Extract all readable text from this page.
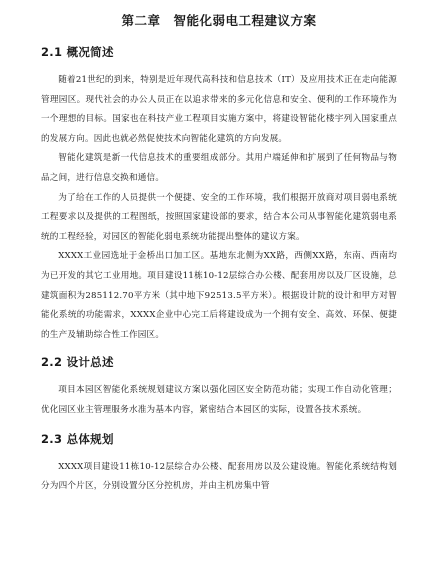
第二章　智能化弱电工程建议方案
2.1 概况简述
随着21世纪的到来，特别是近年现代高科技和信息技术（IT）及应用技术正在走向能源管理园区。现代社会的办公人员正在以追求带来的多元化信息和安全、便利的工作环境作为一个理想的目标。国家也在科技产业工程项目实施方案中，将建设智能化楼宇列入国家重点的发展方向。因此也就必然促使技术向智能化建筑的方向发展。
智能化建筑是新一代信息技术的重要组成部分。其用户端延伸和扩展到了任何物品与物品之间，进行信息交换和通信。
为了给在工作的人员提供一个便捷、安全的工作环境，我们根据开放商对项目弱电系统工程要求以及提供的工程图纸，按照国家建设部的要求，结合本公司从事智能化建筑弱电系统的工程经验，对园区的智能化弱电系统功能提出整体的建议方案。
XXXX工业园选址于金桥出口加工区。基地东北侧为XX路，西侧XX路，东南、西南均为已开发的其它工业用地。项目建设11栋10-12层综合办公楼、配套用房以及厂区设施，总建筑面积为285112.70平方米（其中地下92513.5平方米）。根据设计院的设计和甲方对智能化系统的功能需求，XXXX企业中心完工后将建设成为一个拥有安全、高效、环保、便捷的生产及辅助综合性工作园区。
2.2 设计总述
项目本园区智能化系统规划建议方案以强化园区安全防范功能；实现工作自动化管理；优化园区业主管理服务水准为基本内容，紧密结合本园区的实际，设置各技术系统。
2.3 总体规划
XXXX项目建设11栋10-12层综合办公楼、配套用房以及公建设施。智能化系统结构划分为四个片区，分别设置分区分控机房，并由主机房集中管
